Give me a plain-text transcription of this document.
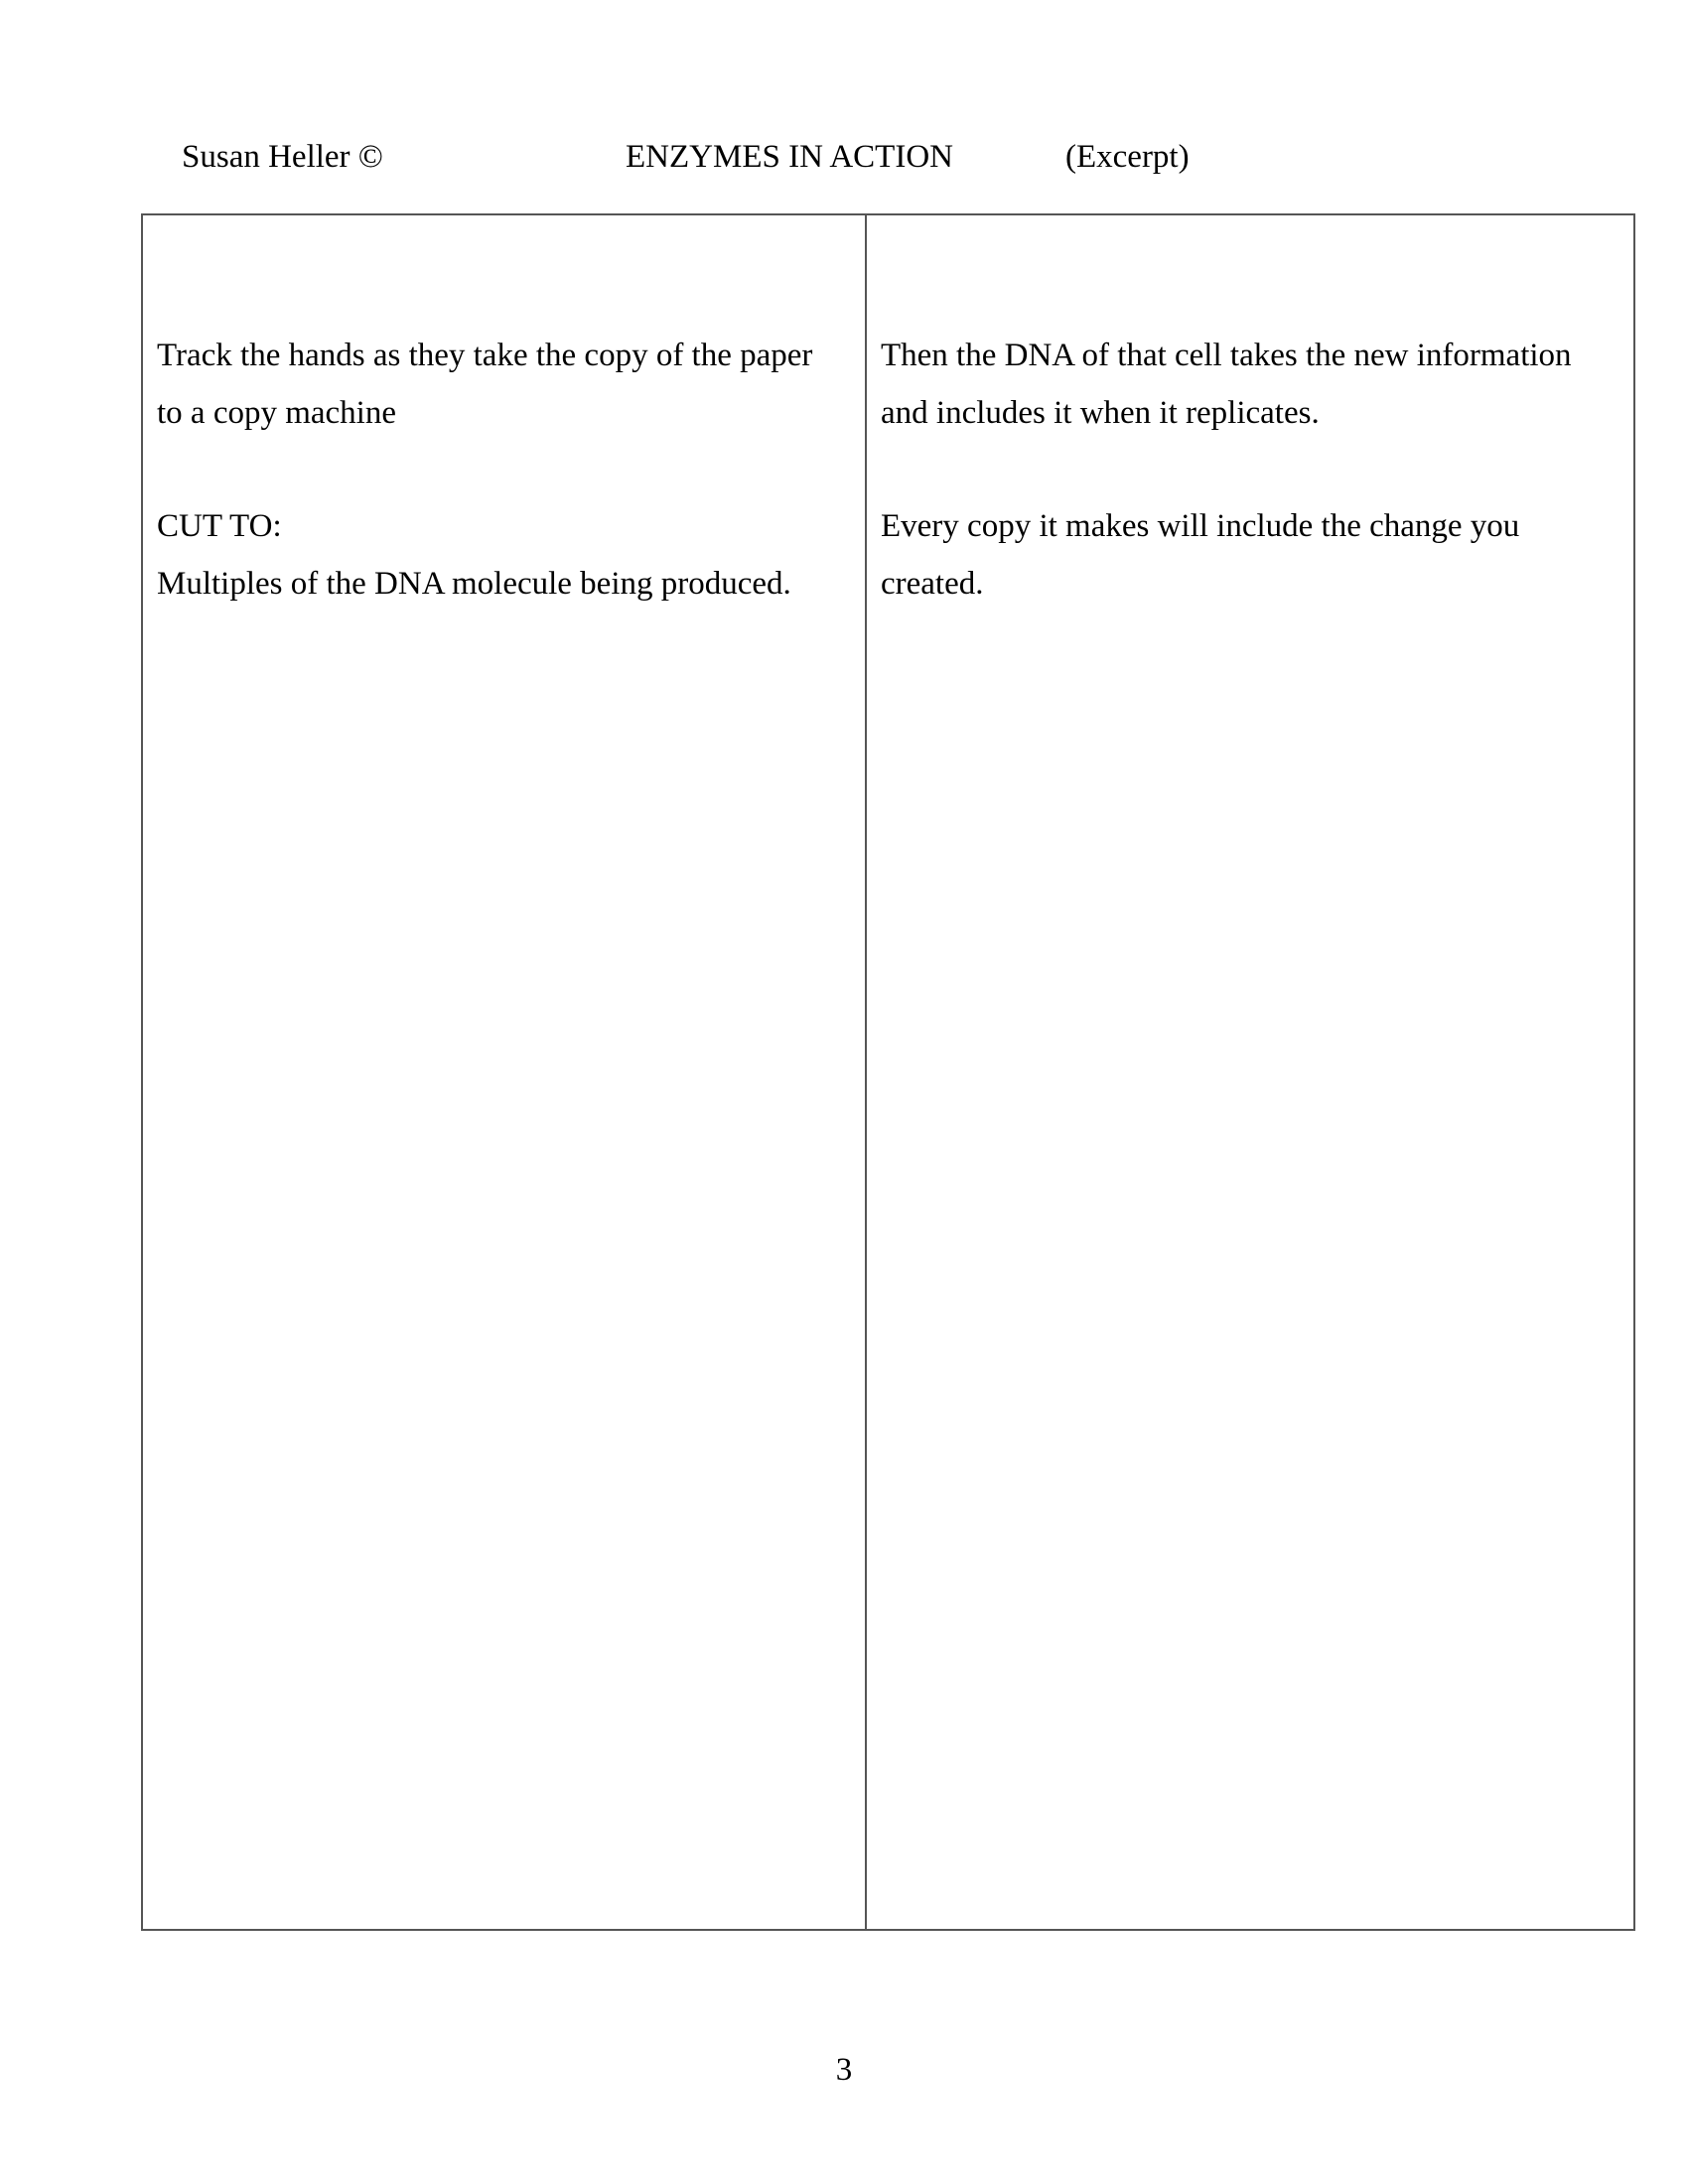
Susan Heller ©	ENZYMES IN ACTION	(Excerpt)

Track the hands as they take the copy of the paper
to a copy machine

CUT TO:
Multiples of the DNA molecule being produced.

Then the DNA of that cell takes the new information
and includes it when it replicates.

Every copy it makes will include the change you
created.

3
